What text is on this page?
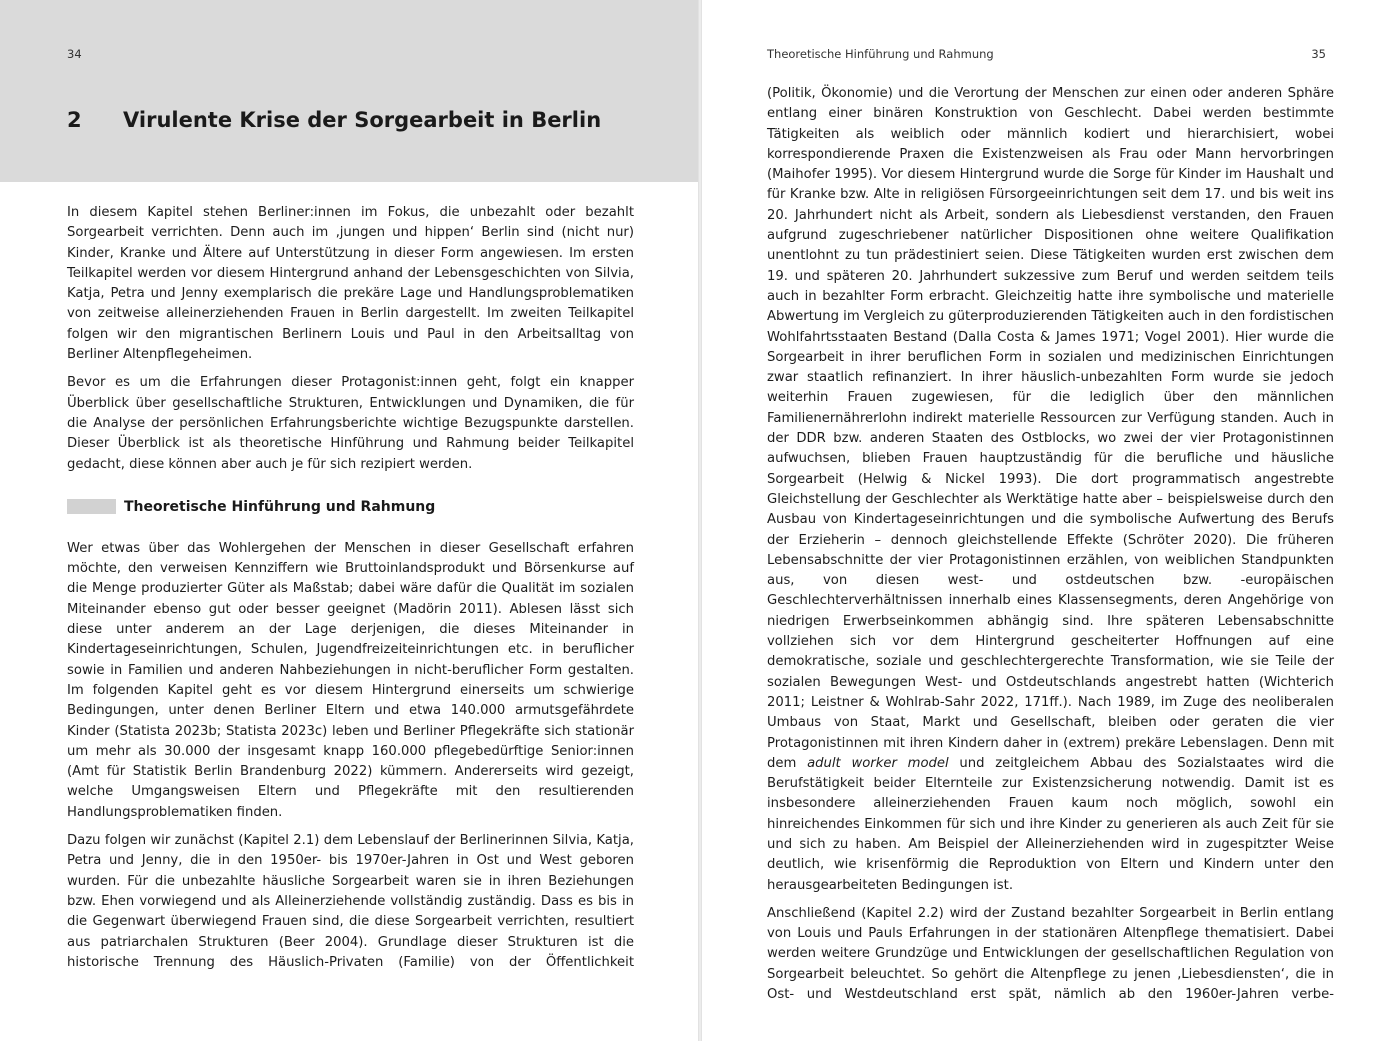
34
2 Virulente Krise der Sorgearbeit in Berlin

In diesem Kapitel stehen Berliner:innen im Fokus, die unbezahlt oder bezahlt Sorgearbeit verrichten. Denn auch im ‚jungen und hippen‘ Berlin sind (nicht nur) Kinder, Kranke und Ältere auf Unterstützung in dieser Form angewiesen. Im ersten Teilkapitel werden vor diesem Hintergrund anhand der Lebensgeschichten von Silvia, Katja, Petra und Jenny exemplarisch die prekäre Lage und Handlungsproblematiken von zeitweise alleinerziehenden Frauen in Berlin dargestellt. Im zweiten Teilkapitel folgen wir den migrantischen Berlinern Louis und Paul in den Arbeitsalltag von Berliner Altenpflegeheimen.

Bevor es um die Erfahrungen dieser Protagonist:innen geht, folgt ein knapper Überblick über gesellschaftliche Strukturen, Entwicklungen und Dynamiken, die für die Analyse der persönlichen Erfahrungsberichte wichtige Bezugspunkte darstellen. Dieser Überblick ist als theoretische Hinführung und Rahmung beider Teilkapitel gedacht, diese können aber auch je für sich rezipiert werden.

Theoretische Hinführung und Rahmung

Wer etwas über das Wohlergehen der Menschen in dieser Gesellschaft erfahren möchte, den verweisen Kennziffern wie Bruttoinlandsprodukt und Börsenkurse auf die Menge produzierter Güter als Maßstab; dabei wäre dafür die Qualität im sozialen Miteinander ebenso gut oder besser geeignet (Madörin 2011). Ablesen lässt sich diese unter anderem an der Lage derjenigen, die dieses Miteinander in Kindertageseinrichtungen, Schulen, Jugendfreizeiteinrichtungen etc. in beruflicher sowie in Familien und anderen Nahbeziehungen in nicht-beruflicher Form gestalten. Im folgenden Kapitel geht es vor diesem Hintergrund einerseits um schwierige Bedingungen, unter denen Berliner Eltern und etwa 140.000 armutsgefährdete Kinder (Statista 2023b; Statista 2023c) leben und Berliner Pflegekräfte sich stationär um mehr als 30.000 der insgesamt knapp 160.000 pflegebedürftige Senior:innen (Amt für Statistik Berlin Brandenburg 2022) kümmern. Andererseits wird gezeigt, welche Umgangsweisen Eltern und Pflegekräfte mit den resultierenden Handlungsproblematiken finden.

Dazu folgen wir zunächst (Kapitel 2.1) dem Lebenslauf der Berlinerinnen Silvia, Katja, Petra und Jenny, die in den 1950er- bis 1970er-Jahren in Ost und West geboren wurden. Für die unbezahlte häusliche Sorgearbeit waren sie in ihren Beziehungen bzw. Ehen vorwiegend und als Alleinerziehende vollständig zuständig. Dass es bis in die Gegenwart überwiegend Frauen sind, die diese Sorgearbeit verrichten, resultiert aus patriarchalen Strukturen (Beer 2004). Grundlage dieser Strukturen ist die historische Trennung des Häuslich-Privaten (Familie) von der Öffentlichkeit

Theoretische Hinführung und Rahmung	35

(Politik, Ökonomie) und die Verortung der Menschen zur einen oder anderen Sphäre entlang einer binären Konstruktion von Geschlecht. Dabei werden bestimmte Tätigkeiten als weiblich oder männlich kodiert und hierarchisiert, wobei korrespondierende Praxen die Existenzweisen als Frau oder Mann hervorbringen (Maihofer 1995). Vor diesem Hintergrund wurde die Sorge für Kinder im Haushalt und für Kranke bzw. Alte in religiösen Fürsorgeeinrichtungen seit dem 17. und bis weit ins 20. Jahrhundert nicht als Arbeit, sondern als Liebesdienst verstanden, den Frauen aufgrund zugeschriebener natürlicher Dispositionen ohne weitere Qualifikation unentlohnt zu tun prädestiniert seien. Diese Tätigkeiten wurden erst zwischen dem 19. und späteren 20. Jahrhundert sukzessive zum Beruf und werden seitdem teils auch in bezahlter Form erbracht. Gleichzeitig hatte ihre symbolische und materielle Abwertung im Vergleich zu güterproduzierenden Tätigkeiten auch in den fordistischen Wohlfahrtsstaaten Bestand (Dalla Costa & James 1971; Vogel 2001). Hier wurde die Sorgearbeit in ihrer beruflichen Form in sozialen und medizinischen Einrichtungen zwar staatlich refinanziert. In ihrer häuslich-unbezahlten Form wurde sie jedoch weiterhin Frauen zugewiesen, für die lediglich über den männlichen Familienernährerlohn indirekt materielle Ressourcen zur Verfügung standen. Auch in der DDR bzw. anderen Staaten des Ostblocks, wo zwei der vier Protagonistinnen aufwuchsen, blieben Frauen hauptzuständig für die berufliche und häusliche Sorgearbeit (Helwig & Nickel 1993). Die dort programmatisch angestrebte Gleichstellung der Geschlechter als Werktätige hatte aber – beispielsweise durch den Ausbau von Kindertageseinrichtungen und die symbolische Aufwertung des Berufs der Erzieherin – dennoch gleichstellende Effekte (Schröter 2020). Die früheren Lebensabschnitte der vier Protagonistinnen erzählen, von weiblichen Standpunkten aus, von diesen west- und ostdeutschen bzw. -europäischen Geschlechterverhältnissen innerhalb eines Klassensegments, deren Angehörige von niedrigen Erwerbseinkommen abhängig sind. Ihre späteren Lebensabschnitte vollziehen sich vor dem Hintergrund gescheiterter Hoffnungen auf eine demokratische, soziale und geschlechtergerechte Transformation, wie sie Teile der sozialen Bewegungen West- und Ostdeutschlands angestrebt hatten (Wichterich 2011; Leistner & Wohlrab-Sahr 2022, 171ff.). Nach 1989, im Zuge des neoliberalen Umbaus von Staat, Markt und Gesellschaft, bleiben oder geraten die vier Protagonistinnen mit ihren Kindern daher in (extrem) prekäre Lebenslagen. Denn mit dem adult worker model und zeitgleichem Abbau des Sozialstaates wird die Berufstätigkeit beider Elternteile zur Existenzsicherung notwendig. Damit ist es insbesondere alleinerziehenden Frauen kaum noch möglich, sowohl ein hinreichendes Einkommen für sich und ihre Kinder zu generieren als auch Zeit für sie und sich zu haben. Am Beispiel der Alleinerziehenden wird in zugespitzter Weise deutlich, wie krisenförmig die Reproduktion von Eltern und Kindern unter den herausgearbeiteten Bedingungen ist.

Anschließend (Kapitel 2.2) wird der Zustand bezahlter Sorgearbeit in Berlin entlang von Louis und Pauls Erfahrungen in der stationären Altenpflege thematisiert. Dabei werden weitere Grundzüge und Entwicklungen der gesellschaftlichen Regulation von Sorgearbeit beleuchtet. So gehört die Altenpflege zu jenen ‚Liebesdiensten‘, die in Ost- und Westdeutschland erst spät, nämlich ab den 1960er-Jahren verbe-
